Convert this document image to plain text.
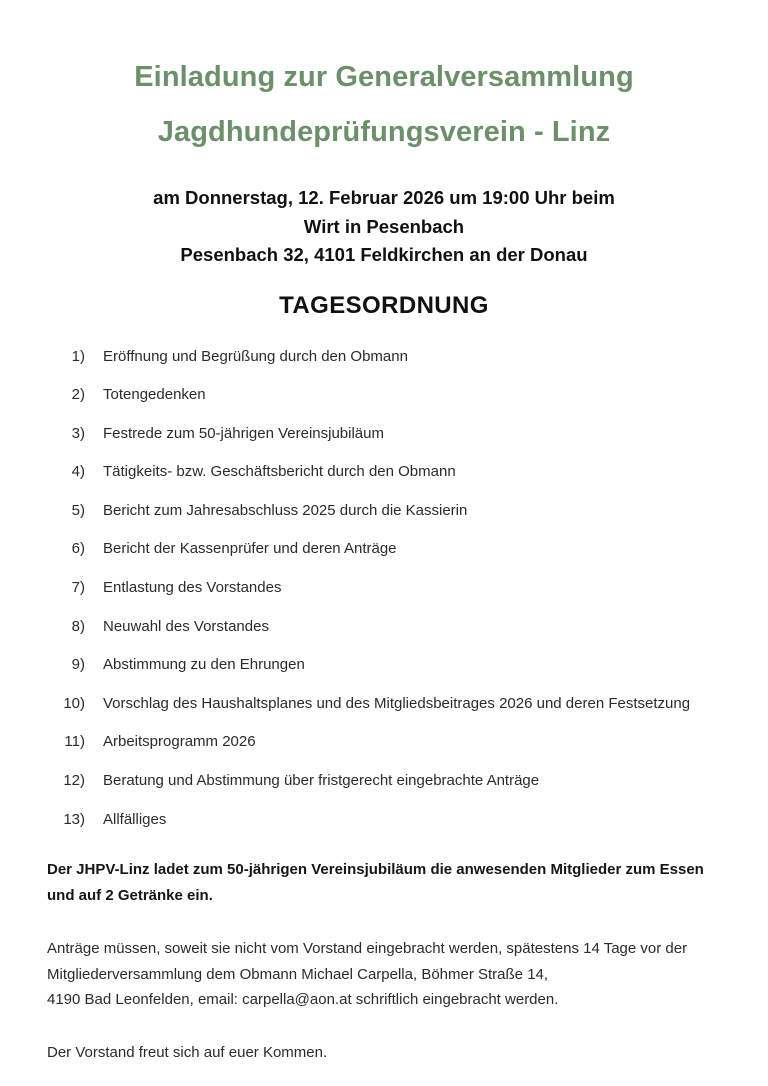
Einladung zur Generalversammlung
Jagdhundeprüfungsverein - Linz
am Donnerstag, 12. Februar 2026 um 19:00 Uhr beim
Wirt in Pesenbach
Pesenbach 32, 4101 Feldkirchen an der Donau
TAGESORDNUNG
1) Eröffnung und Begrüßung durch den Obmann
2) Totengedenken
3) Festrede zum 50-jährigen Vereinsjubiläum
4) Tätigkeits- bzw. Geschäftsbericht durch den Obmann
5) Bericht zum Jahresabschluss 2025 durch die Kassierin
6) Bericht der Kassenprüfer und deren Anträge
7) Entlastung des Vorstandes
8) Neuwahl des Vorstandes
9) Abstimmung zu den Ehrungen
10) Vorschlag des Haushaltsplanes und des Mitgliedsbeitrages 2026 und deren Festsetzung
11) Arbeitsprogramm 2026
12) Beratung und Abstimmung über fristgerecht eingebrachte Anträge
13) Allfälliges

Der JHPV-Linz ladet zum 50-jährigen Vereinsjubiläum die anwesenden Mitglieder zum Essen und auf 2 Getränke ein.

Anträge müssen, soweit sie nicht vom Vorstand eingebracht werden, spätestens 14 Tage vor der
Mitgliederversammlung dem Obmann Michael Carpella, Böhmer Straße 14,
4190 Bad Leonfelden, email: carpella@aon.at schriftlich eingebracht werden.

Der Vorstand freut sich auf euer Kommen.
